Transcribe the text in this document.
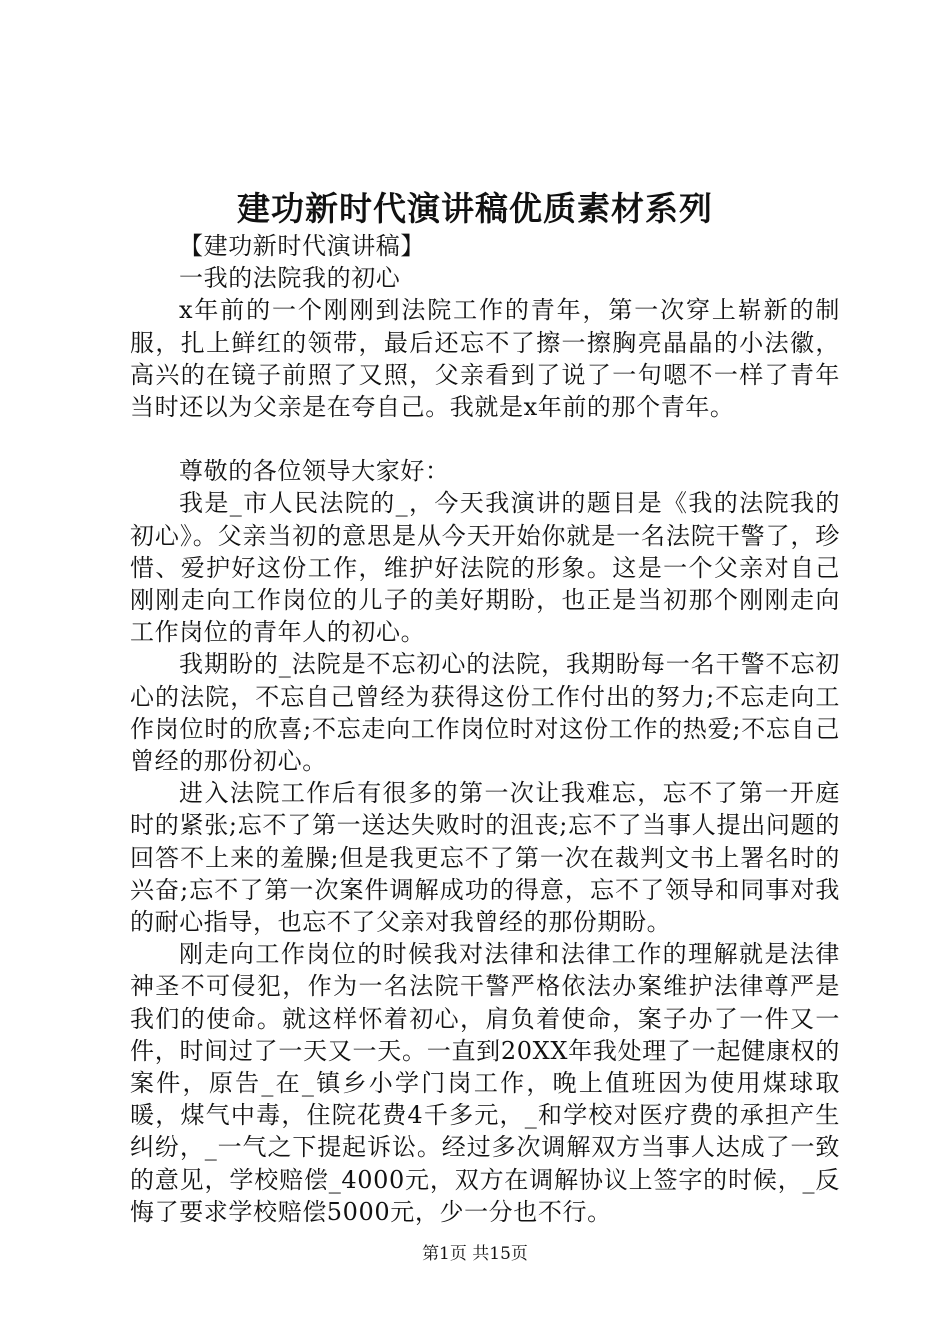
建功新时代演讲稿优质素材系列

【建功新时代演讲稿】

一我的法院我的初心

x年前的一个刚刚到法院工作的青年，第一次穿上崭新的制服，扎上鲜红的领带，最后还忘不了擦一擦胸亮晶晶的小法徽，高兴的在镜子前照了又照，父亲看到了说了一句嗯不一样了青年当时还以为父亲是在夸自己。我就是x年前的那个青年。

尊敬的各位领导大家好：

我是_市人民法院的_，今天我演讲的题目是《我的法院我的初心》。父亲当初的意思是从今天开始你就是一名法院干警了，珍惜、爱护好这份工作，维护好法院的形象。这是一个父亲对自己刚刚走向工作岗位的儿子的美好期盼，也正是当初那个刚刚走向工作岗位的青年人的初心。

我期盼的_法院是不忘初心的法院，我期盼每一名干警不忘初心的法院，不忘自己曾经为获得这份工作付出的努力;不忘走向工作岗位时的欣喜;不忘走向工作岗位时对这份工作的热爱;不忘自己曾经的那份初心。

进入法院工作后有很多的第一次让我难忘，忘不了第一开庭时的紧张;忘不了第一送达失败时的沮丧;忘不了当事人提出问题的回答不上来的羞臊;但是我更忘不了第一次在裁判文书上署名时的兴奋;忘不了第一次案件调解成功的得意，忘不了领导和同事对我的耐心指导，也忘不了父亲对我曾经的那份期盼。

刚走向工作岗位的时候我对法律和法律工作的理解就是法律神圣不可侵犯，作为一名法院干警严格依法办案维护法律尊严是我们的使命。就这样怀着初心，肩负着使命，案子办了一件又一件，时间过了一天又一天。一直到20XX年我处理了一起健康权的案件，原告_在_镇乡小学门岗工作，晚上值班因为使用煤球取暖，煤气中毒，住院花费4千多元，_和学校对医疗费的承担产生纠纷，_一气之下提起诉讼。经过多次调解双方当事人达成了一致的意见，学校赔偿_4000元，双方在调解协议上签字的时候，_反悔了要求学校赔偿5000元，少一分也不行。

第1页 共15页
